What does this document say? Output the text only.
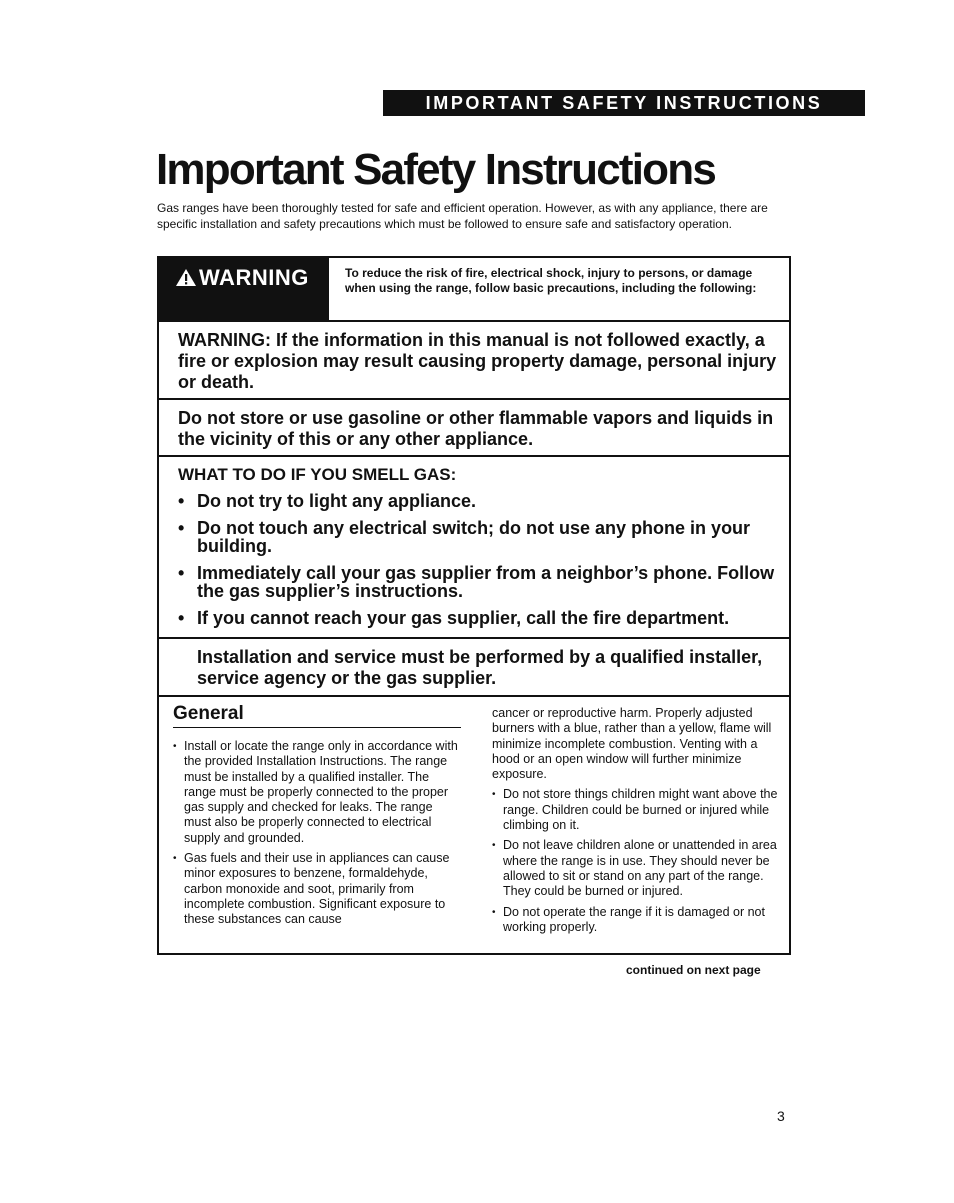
IMPORTANT SAFETY INSTRUCTIONS
Important Safety Instructions

Gas ranges have been thoroughly tested for safe and efficient operation. However, as with any appliance, there are specific installation and safety precautions which must be followed to ensure safe and satisfactory operation.

WARNING	To reduce the risk of fire, electrical shock, injury to persons, or damage when using the range, follow basic precautions, including the following:

WARNING: If the information in this manual is not followed exactly, a fire or explosion may result causing property damage, personal injury or death.

Do not store or use gasoline or other flammable vapors and liquids in the vicinity of this or any other appliance.

WHAT TO DO IF YOU SMELL GAS:

• Do not try to light any appliance.
• Do not touch any electrical switch; do not use any phone in your building.
• Immediately call your gas supplier from a neighbor’s phone. Follow the gas supplier’s instructions.
• If you cannot reach your gas supplier, call the fire department.

Installation and service must be performed by a qualified installer, service agency or the gas supplier.

General
• Install or locate the range only in accordance with the provided Installation Instructions. The range must be installed by a qualified installer. The range must be properly connected to the proper gas supply and checked for leaks. The range must also be properly connected to electrical supply and grounded.
• Gas fuels and their use in appliances can cause minor exposures to benzene, formaldehyde, carbon monoxide and soot, primarily from incomplete combustion. Significant exposure to these substances can cause

cancer or reproductive harm. Properly adjusted burners with a blue, rather than a yellow, flame will minimize incomplete combustion. Venting with a hood or an open window will further minimize exposure.

• Do not store things children might want above the range. Children could be burned or injured while climbing on it.
• Do not leave children alone or unattended in area where the range is in use. They should never be allowed to sit or stand on any part of the range. They could be burned or injured.
• Do not operate the range if it is damaged or not working properly.

continued on next page

3
